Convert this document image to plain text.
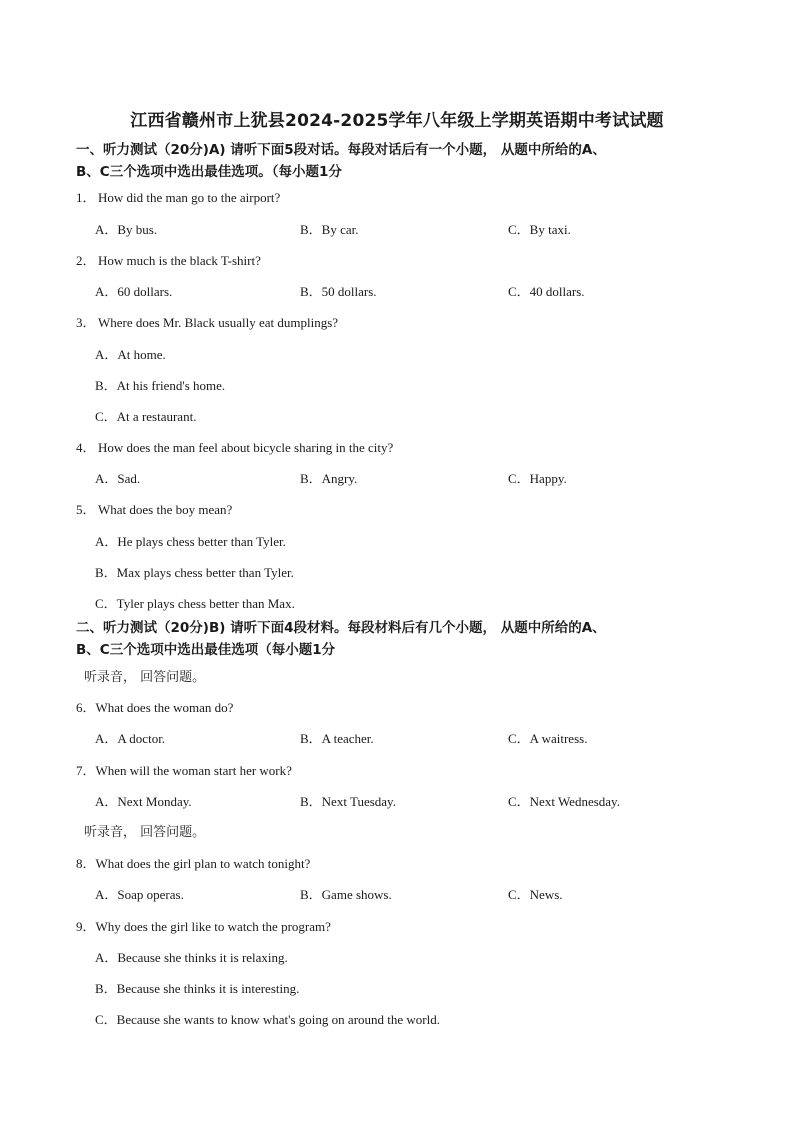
江西省赣州市上犹县2024-2025学年八年级上学期英语期中考试试题
一、听力测试（20分)A) 请听下面5段对话。每段对话后有一个小题， 从题中所给的A、
B、C三个选项中选出最佳选项。（每小题1分
1． How did the man go to the airport?
A．By bus.	B．By car.	C．By taxi.
2． How much is the black T-shirt?
A．60 dollars.	B．50 dollars.	C．40 dollars.
3． Where does Mr. Black usually eat dumplings?
A．At home.
B．At his friend's home.
C．At a restaurant.
4． How does the man feel about bicycle sharing in the city?
A．Sad.	B．Angry.	C．Happy.
5． What does the boy mean?
A．He plays chess better than Tyler.
B．Max plays chess better than Tyler.
C．Tyler plays chess better than Max.
二、听力测试（20分)B) 请听下面4段材料。每段材料后有几个小题， 从题中所给的A、
B、C三个选项中选出最佳选项（每小题1分
听录音， 回答问题。
6．What does the woman do?
A．A doctor.	B．A teacher.	C．A waitress.
7．When will the woman start her work?
A．Next Monday.	B．Next Tuesday.	C．Next Wednesday.
听录音， 回答问题。
8．What does the girl plan to watch tonight?
A．Soap operas.	B．Game shows.	C．News.
9．Why does the girl like to watch the program?
A．Because she thinks it is relaxing.
B．Because she thinks it is interesting.
C．Because she wants to know what's going on around the world.
